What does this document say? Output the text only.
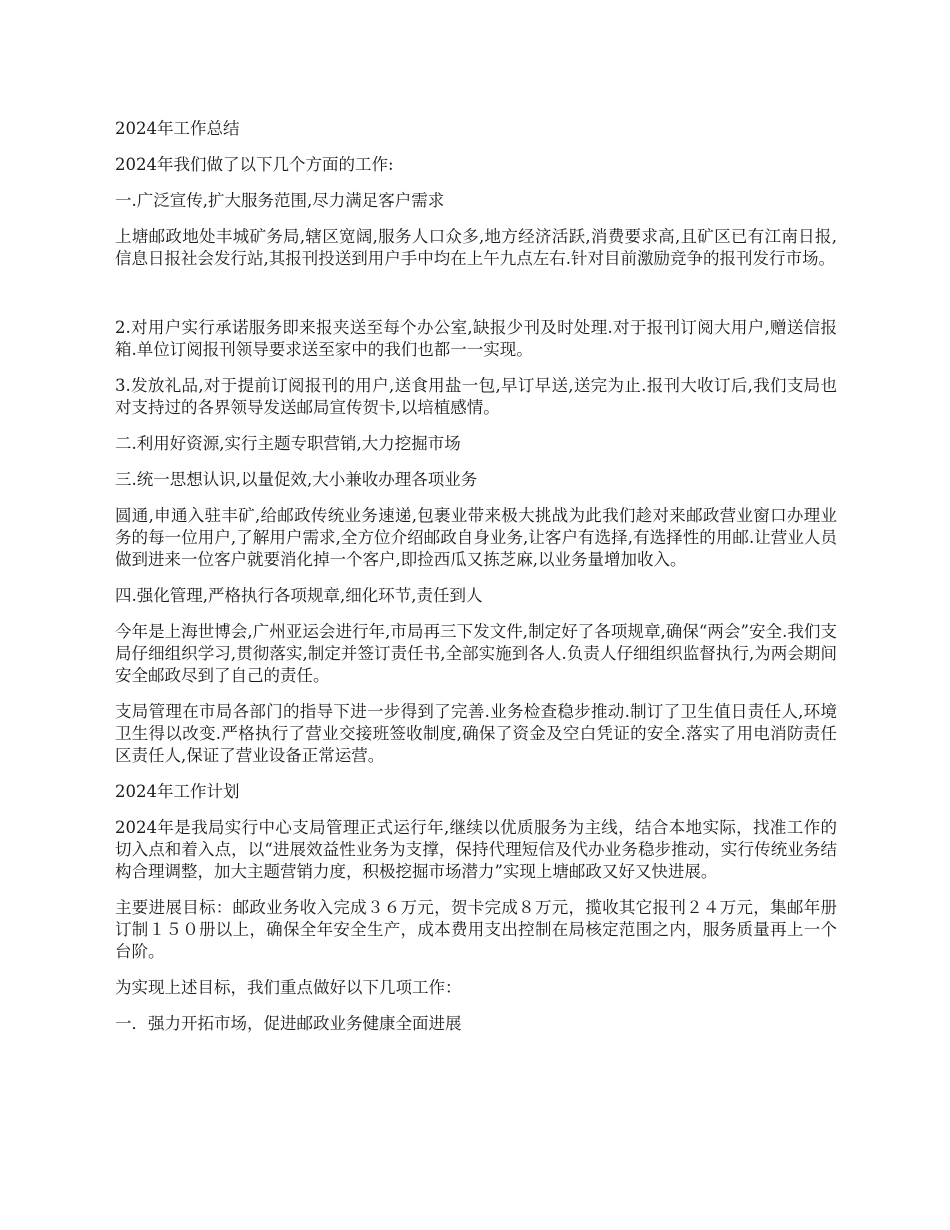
2024年工作总结

2024年我们做了以下几个方面的工作:

一.广泛宣传,扩大服务范围,尽力满足客户需求

上塘邮政地处丰城矿务局,辖区宽阔,服务人口众多,地方经济活跃,消费要求高,且矿区已有江南日报,信息日报社会发行站,其报刊投送到用户手中均在上午九点左右.针对目前激励竞争的报刊发行市场。

2.对用户实行承诺服务即来报夹送至每个办公室,缺报少刊及时处理.对于报刊订阅大用户,赠送信报箱.单位订阅报刊领导要求送至家中的我们也都一一实现。

3.发放礼品,对于提前订阅报刊的用户,送食用盐一包,早订早送,送完为止.报刊大收订后,我们支局也对支持过的各界领导发送邮局宣传贺卡,以培植感情。

二.利用好资源,实行主题专职营销,大力挖掘市场

三.统一思想认识,以量促效,大小兼收办理各项业务

圆通,申通入驻丰矿,给邮政传统业务速递,包裹业带来极大挑战为此我们趁对来邮政营业窗口办理业务的每一位用户,了解用户需求,全方位介绍邮政自身业务,让客户有选择,有选择性的用邮.让营业人员做到进来一位客户就要消化掉一个客户,即捡西瓜又拣芝麻,以业务量增加收入。

四.强化管理,严格执行各项规章,细化环节,责任到人

今年是上海世博会,广州亚运会进行年,市局再三下发文件,制定好了各项规章,确保“两会”安全.我们支局仔细组织学习,贯彻落实,制定并签订责任书,全部实施到各人.负责人仔细组织监督执行,为两会期间安全邮政尽到了自己的责任。

支局管理在市局各部门的指导下进一步得到了完善.业务检查稳步推动.制订了卫生值日责任人,环境卫生得以改变.严格执行了营业交接班签收制度,确保了资金及空白凭证的安全.落实了用电消防责任区责任人,保证了营业设备正常运营。

2024年工作计划

2024年是我局实行中心支局管理正式运行年,继续以优质服务为主线，结合本地实际，找准工作的切入点和着入点，以“进展效益性业务为支撑，保持代理短信及代办业务稳步推动，实行传统业务结构合理调整，加大主题营销力度，积极挖掘市场潜力”实现上塘邮政又好又快进展。

主要进展目标：邮政业务收入完成３６万元，贺卡完成８万元，揽收其它报刊２４万元，集邮年册订制１５０册以上，确保全年安全生产，成本费用支出控制在局核定范围之内，服务质量再上一个台阶。

为实现上述目标，我们重点做好以下几项工作：

一．强力开拓市场，促进邮政业务健康全面进展
